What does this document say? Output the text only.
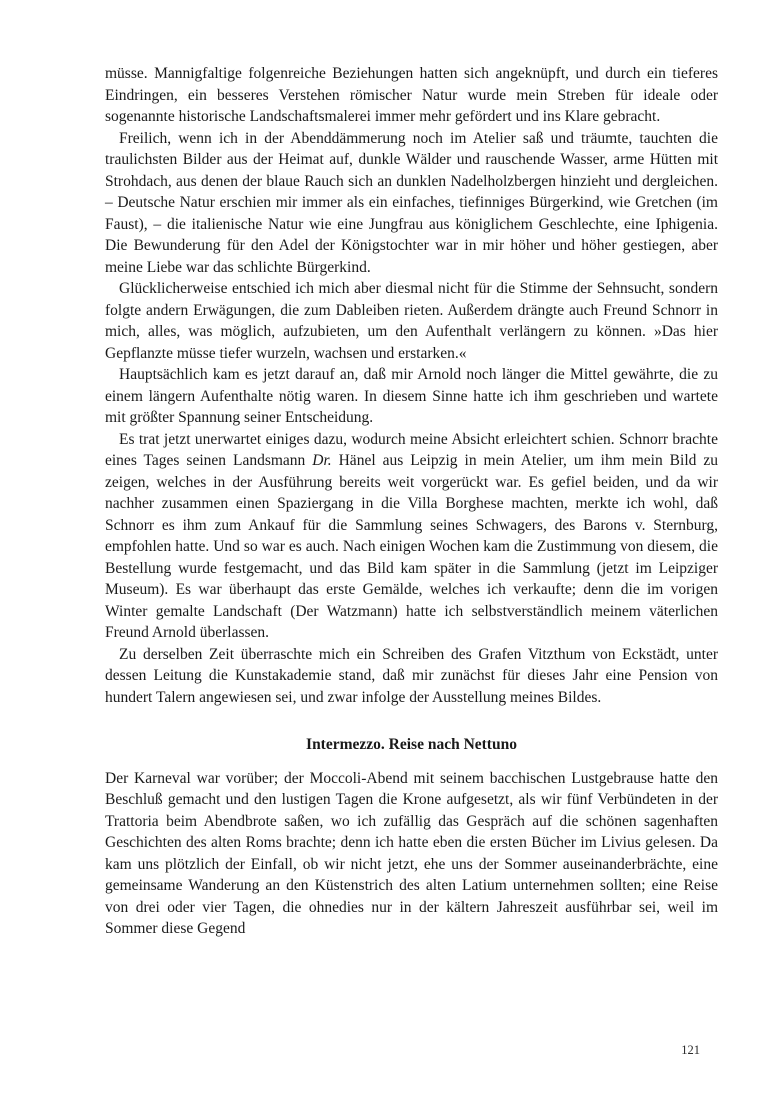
müsse. Mannigfaltige folgenreiche Beziehungen hatten sich angeknüpft, und durch ein tieferes Eindringen, ein besseres Verstehen römischer Natur wurde mein Streben für ideale oder sogenannte historische Landschaftsmalerei immer mehr gefördert und ins Klare gebracht.

Freilich, wenn ich in der Abenddämmerung noch im Atelier saß und träumte, tauchten die traulichsten Bilder aus der Heimat auf, dunkle Wälder und rauschende Wasser, arme Hütten mit Strohdach, aus denen der blaue Rauch sich an dunklen Nadelholzbergen hinzieht und dergleichen. – Deutsche Natur erschien mir immer als ein einfaches, tiefinniges Bürgerkind, wie Gretchen (im Faust), – die italienische Natur wie eine Jungfrau aus königlichem Geschlechte, eine Iphigenia. Die Bewunderung für den Adel der Königstochter war in mir höher und höher gestiegen, aber meine Liebe war das schlichte Bürgerkind.

Glücklicherweise entschied ich mich aber diesmal nicht für die Stimme der Sehnsucht, sondern folgte andern Erwägungen, die zum Dableiben rieten. Außerdem drängte auch Freund Schnorr in mich, alles, was möglich, aufzubieten, um den Aufenthalt verlängern zu können. »Das hier Gepflanzte müsse tiefer wurzeln, wachsen und erstarken.«

Hauptsächlich kam es jetzt darauf an, daß mir Arnold noch länger die Mittel gewährte, die zu einem längern Aufenthalte nötig waren. In diesem Sinne hatte ich ihm geschrieben und wartete mit größter Spannung seiner Entscheidung.

Es trat jetzt unerwartet einiges dazu, wodurch meine Absicht erleichtert schien. Schnorr brachte eines Tages seinen Landsmann Dr. Hänel aus Leipzig in mein Atelier, um ihm mein Bild zu zeigen, welches in der Ausführung bereits weit vorgerückt war. Es gefiel beiden, und da wir nachher zusammen einen Spaziergang in die Villa Borghese machten, merkte ich wohl, daß Schnorr es ihm zum Ankauf für die Sammlung seines Schwagers, des Barons v. Sternburg, empfohlen hatte. Und so war es auch. Nach einigen Wochen kam die Zustimmung von diesem, die Bestellung wurde festgemacht, und das Bild kam später in die Sammlung (jetzt im Leipziger Museum). Es war überhaupt das erste Gemälde, welches ich verkaufte; denn die im vorigen Winter gemalte Landschaft (Der Watzmann) hatte ich selbstverständlich meinem väterlichen Freund Arnold überlassen.

Zu derselben Zeit überraschte mich ein Schreiben des Grafen Vitzthum von Eckstädt, unter dessen Leitung die Kunstakademie stand, daß mir zunächst für dieses Jahr eine Pension von hundert Talern angewiesen sei, und zwar infolge der Ausstellung meines Bildes.

Intermezzo. Reise nach Nettuno

Der Karneval war vorüber; der Moccoli-Abend mit seinem bacchischen Lustgebrause hatte den Beschluß gemacht und den lustigen Tagen die Krone aufgesetzt, als wir fünf Verbündeten in der Trattoria beim Abendbrote saßen, wo ich zufällig das Gespräch auf die schönen sagenhaften Geschichten des alten Roms brachte; denn ich hatte eben die ersten Bücher im Livius gelesen. Da kam uns plötzlich der Einfall, ob wir nicht jetzt, ehe uns der Sommer auseinanderbrächte, eine gemeinsame Wanderung an den Küstenstrich des alten Latium unternehmen sollten; eine Reise von drei oder vier Tagen, die ohnedies nur in der kältern Jahreszeit ausführbar sei, weil im Sommer diese Gegend

121
